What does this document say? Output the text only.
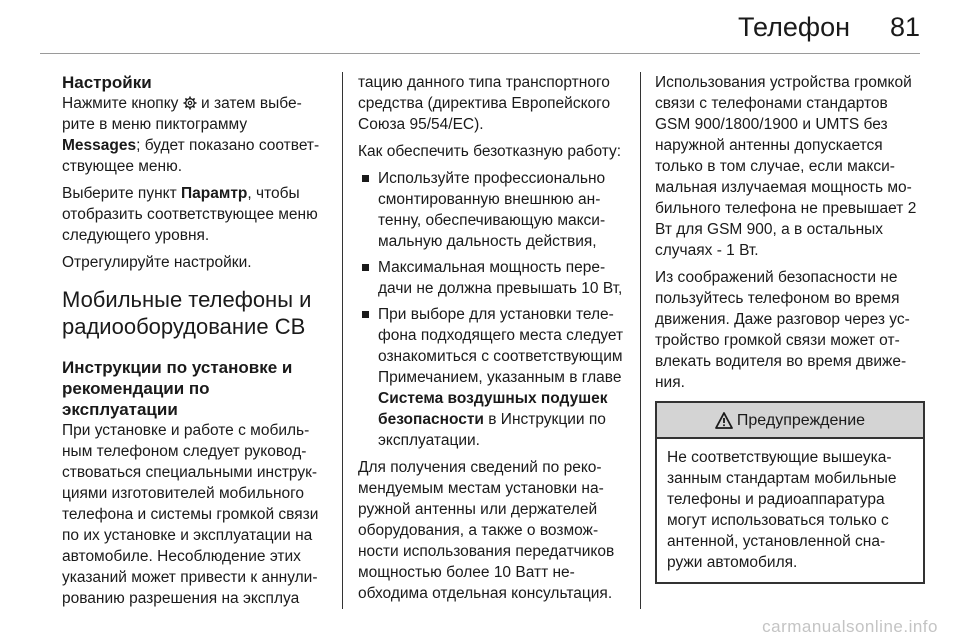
Телефон 81
Настройки

Нажмите кнопку  и затем выберите в меню пиктограмму Messages; будет показано соответствующее меню.

Выберите пункт Парамтр, чтобы отобразить соответствующее меню следующего уровня.

Отрегулируйте настройки.

Мобильные телефоны и радиооборудование СВ
Инструкции по установке и рекомендации по эксплуатации

При установке и работе с мобильным телефоном следует руководствоваться специальными инструкциями изготовителей мобильного телефона и системы громкой связи по их установке и эксплуатации на автомобиле. Несоблюдение этих указаний может привести к аннулированию разрешения на эксплуа

тацию данного типа транспортного средства (директива Европейского Союза 95/54/EC).

Как обеспечить безотказную работу:

Используйте профессионально смонтированную внешнюю антенну, обеспечивающую максимальную дальность действия,
Максимальная мощность передачи не должна превышать 10 Вт,
При выборе для установки телефона подходящего места следует ознакомиться с соответствующим Примечанием, указанным в главе Система воздушных подушек безопасности в Инструкции по эксплуатации.

Для получения сведений по рекомендуемым местам установки наружной антенны или держателей оборудования, а также о возможности использования передатчиков мощностью более 10 Ватт необходима отдельная консультация.

Использования устройства громкой связи с телефонами стандартов GSM 900/1800/1900 и UMTS без наружной антенны допускается только в том случае, если максимальная излучаемая мощность мобильного телефона не превышает 2 Вт для GSM 900, а в остальных случаях - 1 Вт.

Из соображений безопасности не пользуйтесь телефоном во время движения. Даже разговор через устройство громкой связи может отвлекать водителя во время движения.

Предупреждение
Не соответствующие вышеуказанным стандартам мобильные телефоны и радиоаппаратура могут использоваться только с антенной, установленной снаружи автомобиля.
carmanualsonline.info
